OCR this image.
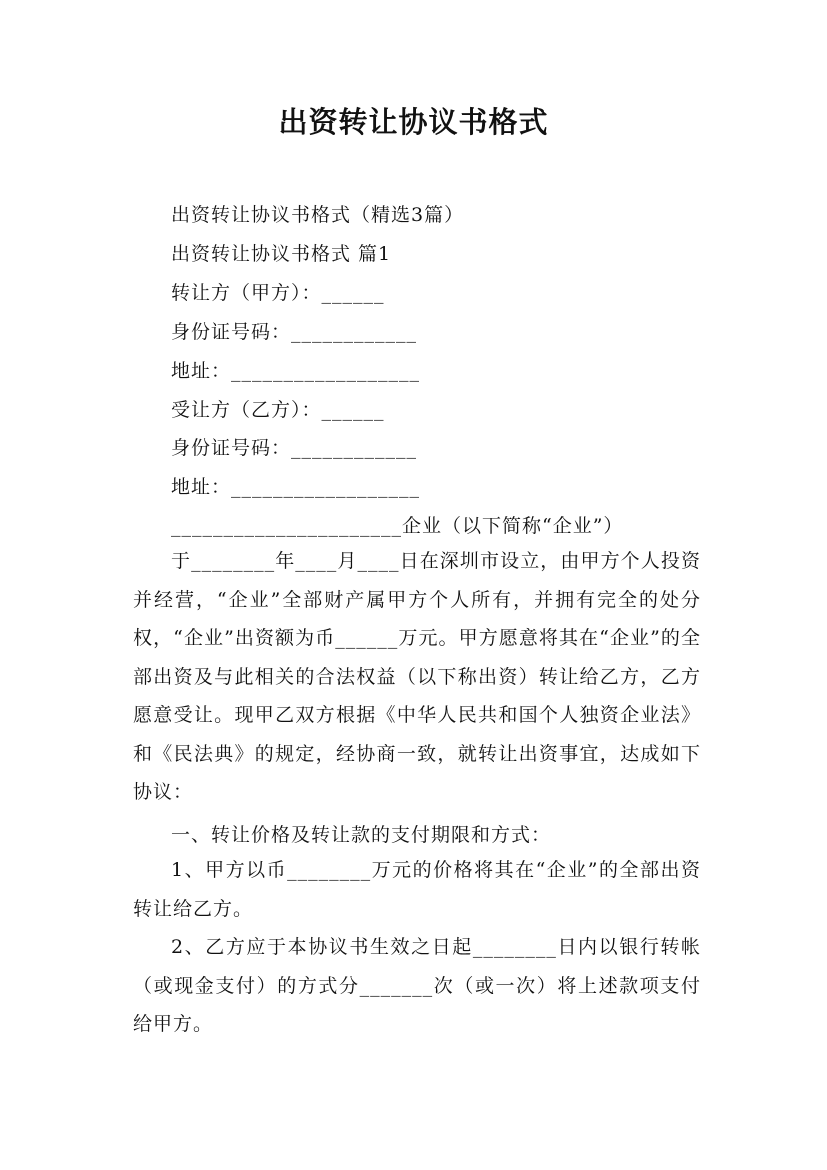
出资转让协议书格式
出资转让协议书格式（精选3篇）
出资转让协议书格式 篇1
转让方（甲方）：______
身份证号码：____________
地址：__________________
受让方（乙方）：______
身份证号码：____________
地址：__________________
______________________企业（以下简称“企业”）
于________年____月____日在深圳市设立，由甲方个人投资并经营，“企业”全部财产属甲方个人所有，并拥有完全的处分权，“企业”出资额为币______万元。甲方愿意将其在“企业”的全部出资及与此相关的合法权益（以下称出资）转让给乙方，乙方愿意受让。现甲乙双方根据《中华人民共和国个人独资企业法》和《民法典》的规定，经协商一致，就转让出资事宜，达成如下协议：
一、转让价格及转让款的支付期限和方式：
1、甲方以币________万元的价格将其在“企业”的全部出资转让给乙方。
2、乙方应于本协议书生效之日起________日内以银行转帐（或现金支付）的方式分_______次（或一次）将上述款项支付给甲方。
